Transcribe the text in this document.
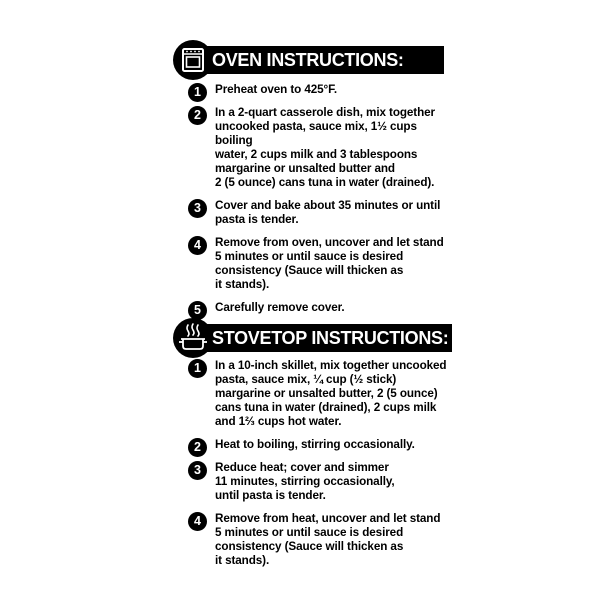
OVEN INSTRUCTIONS:
1	Preheat oven to 425°F.
2	In a 2-quart casserole dish, mix together
uncooked pasta, sauce mix, 1½ cups boiling
water, 2 cups milk and 3 tablespoons
margarine or unsalted butter and
2 (5 ounce) cans tuna in water (drained).
3	Cover and bake about 35 minutes or until
pasta is tender.
4	Remove from oven, uncover and let stand
5 minutes or until sauce is desired
consistency (Sauce will thicken as
it stands).
5	Carefully remove cover.
STOVETOP INSTRUCTIONS:
1	In a 10-inch skillet, mix together uncooked
pasta, sauce mix, ¼ cup (½ stick)
margarine or unsalted butter, 2 (5 ounce)
cans tuna in water (drained), 2 cups milk
and 1⅔ cups hot water.
2	Heat to boiling, stirring occasionally.
3	Reduce heat; cover and simmer
11 minutes, stirring occasionally,
until pasta is tender.
4	Remove from heat, uncover and let stand
5 minutes or until sauce is desired
consistency (Sauce will thicken as
it stands).
